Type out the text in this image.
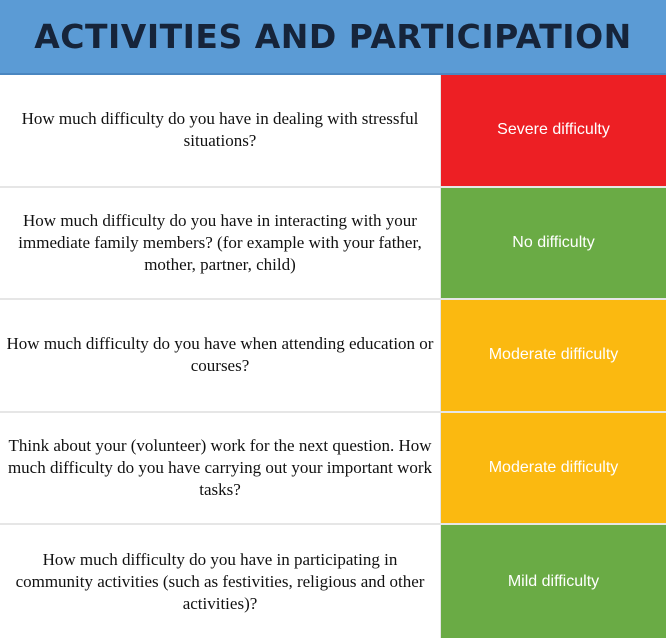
ACTIVITIES AND PARTICIPATION
How much difficulty do you have in dealing with stressful situations?
Severe difficulty
How much difficulty do you have in interacting with your immediate family members? (for example with your father, mother, partner, child)
No difficulty
How much difficulty do you have when attending education or courses?
Moderate difficulty
Think about your (volunteer) work for the next question. How much difficulty do you have carrying out your important work tasks?
Moderate difficulty
How much difficulty do you have in participating in community activities (such as festivities, religious and other activities)?
Mild difficulty
